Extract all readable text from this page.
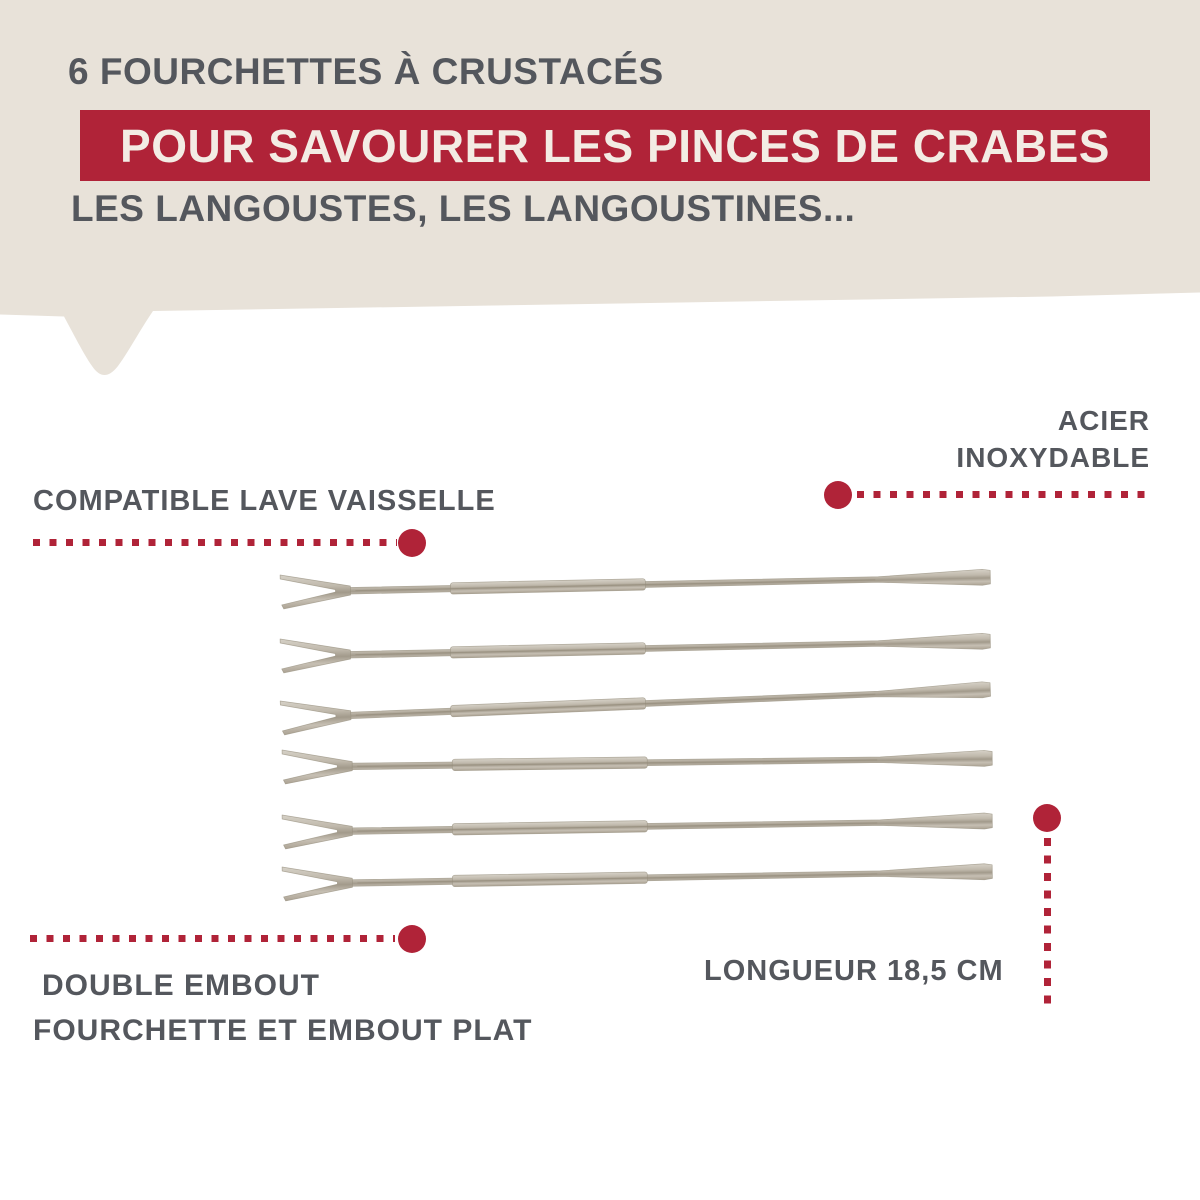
6 FOURCHETTES À CRUSTACÉS
POUR SAVOURER LES PINCES DE CRABES
LES LANGOUSTES, LES LANGOUSTINES...
ACIER
INOXYDABLE
COMPATIBLE LAVE VAISSELLE
DOUBLE EMBOUT
FOURCHETTE ET EMBOUT PLAT
LONGUEUR 18,5 CM
